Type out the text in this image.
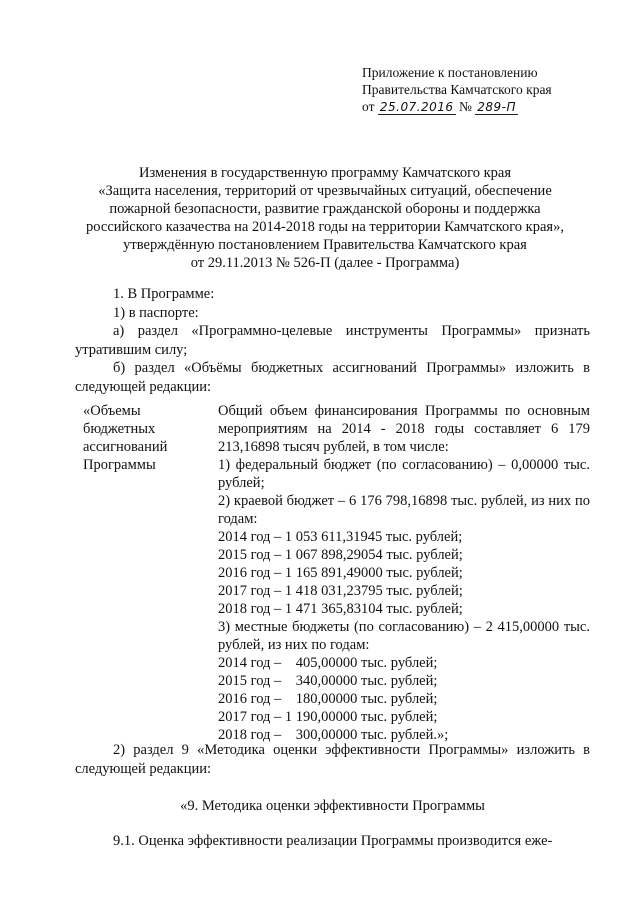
Приложение к постановлению
Правительства Камчатского края
от 25.07.2016 № 289-П
Изменения в государственную программу Камчатского края
«Защита населения, территорий от чрезвычайных ситуаций, обеспечение
пожарной безопасности, развитие гражданской обороны и поддержка
российского казачества на 2014-2018 годы на территории Камчатского края»,
утверждённую постановлением Правительства Камчатского края
от 29.11.2013 № 526-П (далее - Программа)

1. В Программе:

1) в паспорте:

а) раздел «Программно-целевые инструменты Программы» признать утратившим силу;

б) раздел «Объёмы бюджетных ассигнований Программы» изложить в следующей редакции:

«Объемы
бюджетных
ассигнований
Программы
Общий объем финансирования Программы по основным мероприятиям на 2014 - 2018 годы составляет 6 179 213,16898 тысяч рублей, в том числе:
1) федеральный бюджет (по согласованию) – 0,00000 тыс. рублей;
2) краевой бюджет – 6 176 798,16898 тыс. рублей, из них по годам:
2014 год – 1 053 611,31945 тыс. рублей;
2015 год – 1 067 898,29054 тыс. рублей;
2016 год – 1 165 891,49000 тыс. рублей;
2017 год – 1 418 031,23795 тыс. рублей;
2018 год – 1 471 365,83104 тыс. рублей;
3) местные бюджеты (по согласованию) – 2 415,00000 тыс. рублей, из них по годам:
2014 год –    405,00000 тыс. рублей;
2015 год –    340,00000 тыс. рублей;
2016 год –    180,00000 тыс. рублей;
2017 год – 1 190,00000 тыс. рублей;
2018 год –    300,00000 тыс. рублей.»;

2) раздел 9 «Методика оценки эффективности Программы» изложить в следующей редакции:

«9. Методика оценки эффективности Программы

9.1. Оценка эффективности реализации Программы производится еже-
